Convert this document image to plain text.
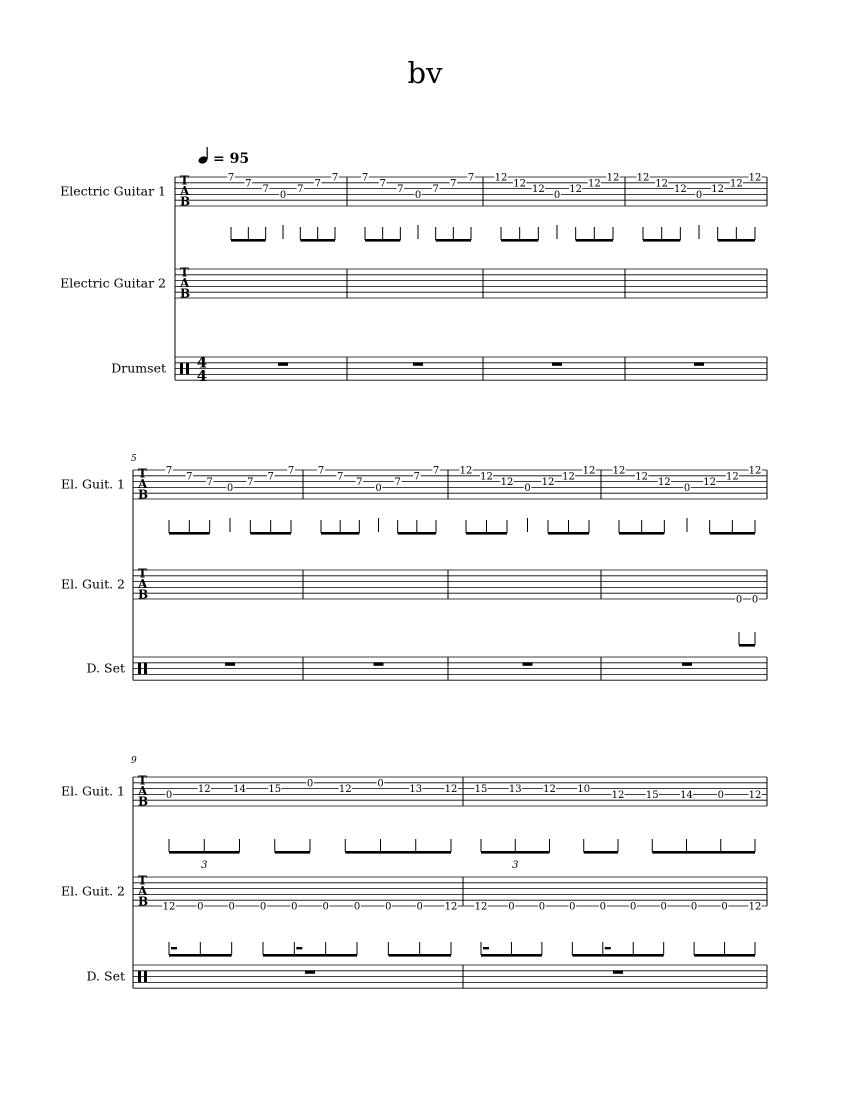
bv
= 95
Electric Guitar 1
Electric Guitar 2
Drumset
T
A
B
T
A
B
4
4
7
7
7
0
7
7
7 7
7
7
0
7
7
7 12
12
12
0
12
12
12 12
12
12
0
12
12
12
El. Guit. 1
El. Guit. 2
D. Set
5
T
A
B
T
A
B
7
7
7
0
7
7
7 7
7
7
0
7
7
7 12
12
12
0
12
12
12 12
12
12
0
12
12
12
0 0
El. Guit. 1
El. Guit. 2
D. Set
9
T
A
B
T
A
B
0
12 14 15
0
12
0
13 12
3
12 0 0 0 0 0 0 0 0 12
15 13 12 10
12 15 14 0 12
3
12 0 0 0 0 0 0 0 0 12
